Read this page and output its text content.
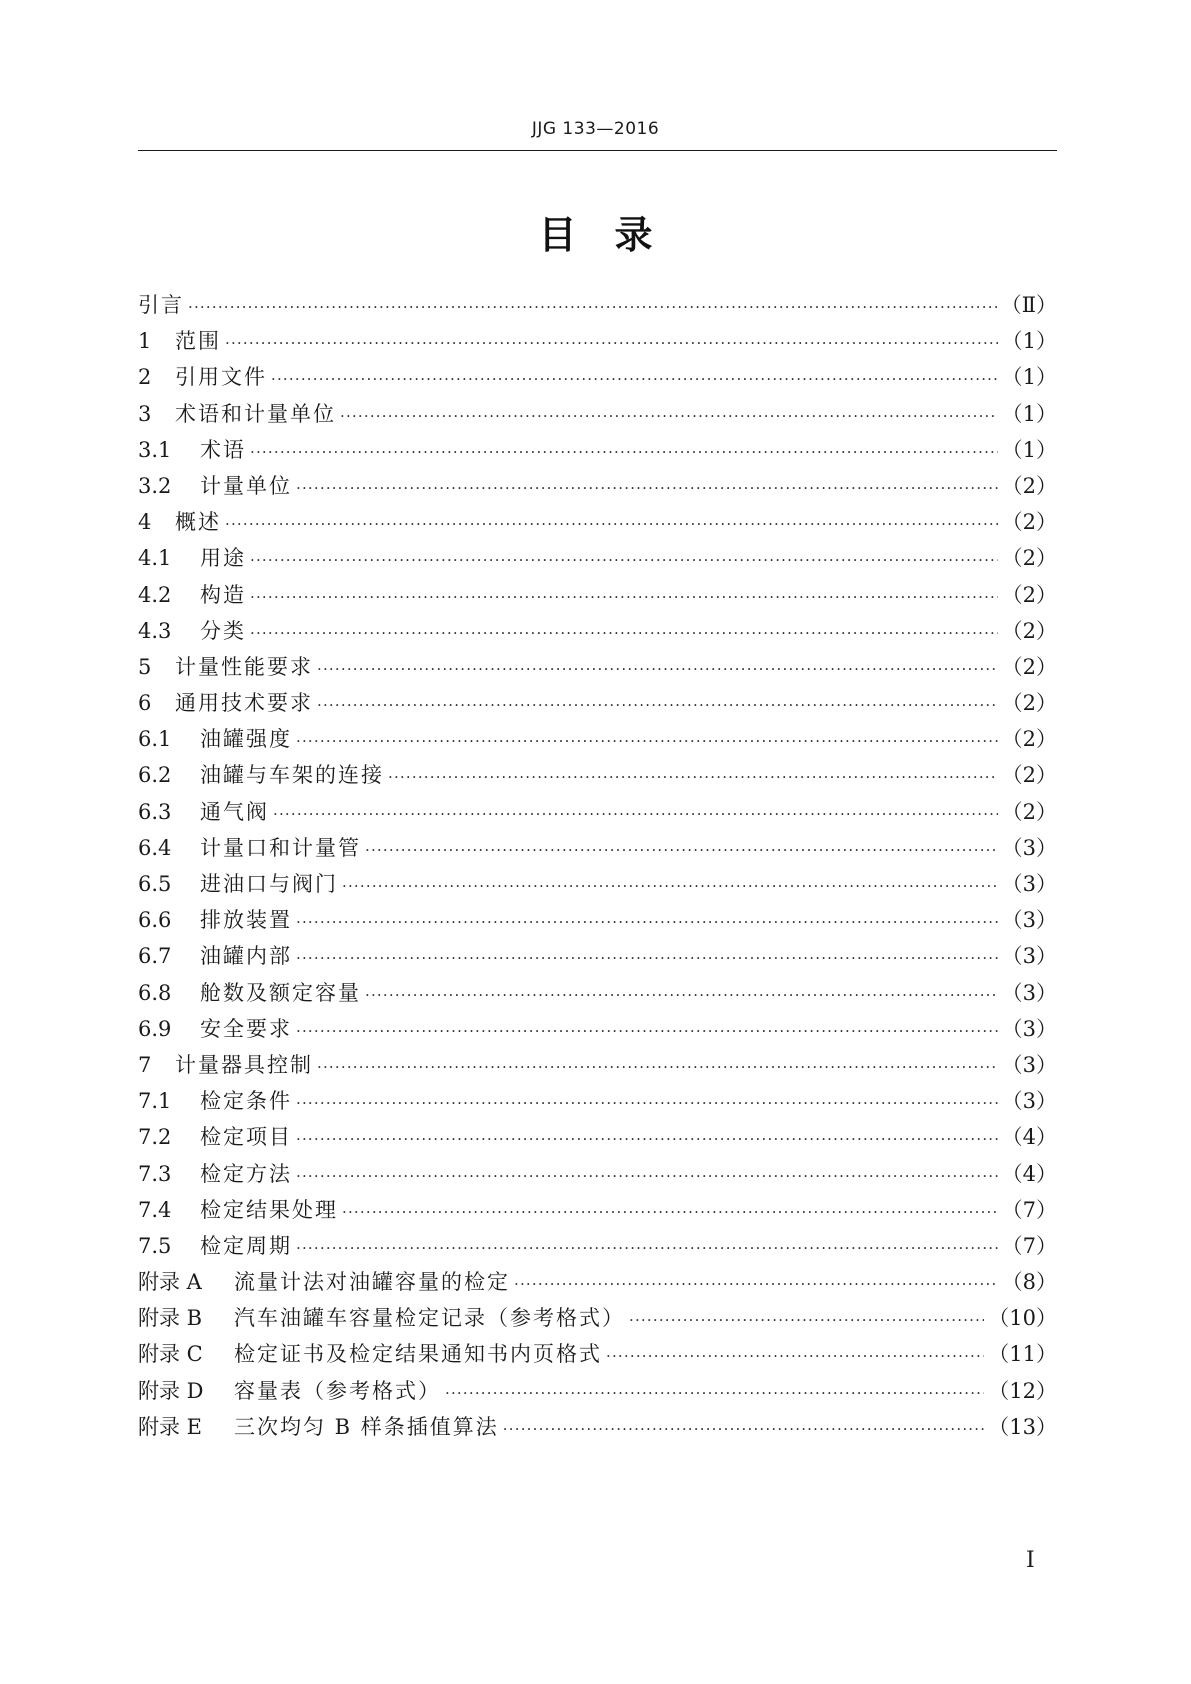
JJG 133—2016
目　录
引言 ·····	（Ⅱ）
1	范围 ·····	（1）
2	引用文件 ·····	（1）
3	术语和计量单位 ·····	（1）
3.1	术语 ·····	（1）
3.2	计量单位 ·····	（2）
4	概述 ·····	（2）
4.1	用途 ·····	（2）
4.2	构造 ·····	（2）
4.3	分类 ·····	（2）
5	计量性能要求 ·····	（2）
6	通用技术要求 ·····	（2）
6.1	油罐强度 ·····	（2）
6.2	油罐与车架的连接 ·····	（2）
6.3	通气阀 ·····	（2）
6.4	计量口和计量管 ·····	（3）
6.5	进油口与阀门 ·····	（3）
6.6	排放装置 ·····	（3）
6.7	油罐内部 ·····	（3）
6.8	舱数及额定容量 ·····	（3）
6.9	安全要求 ·····	（3）
7	计量器具控制 ·····	（3）
7.1	检定条件 ·····	（3）
7.2	检定项目 ·····	（4）
7.3	检定方法 ·····	（4）
7.4	检定结果处理 ·····	（7）
7.5	检定周期 ·····	（7）
附录 A	流量计法对油罐容量的检定 ·····	（8）
附录 B	汽车油罐车容量检定记录（参考格式） ·····	（10）
附录 C	检定证书及检定结果通知书内页格式 ·····	（11）
附录 D	容量表（参考格式） ·····	（12）
附录 E	三次均匀 B 样条插值算法 ·····	（13）
Ⅰ
